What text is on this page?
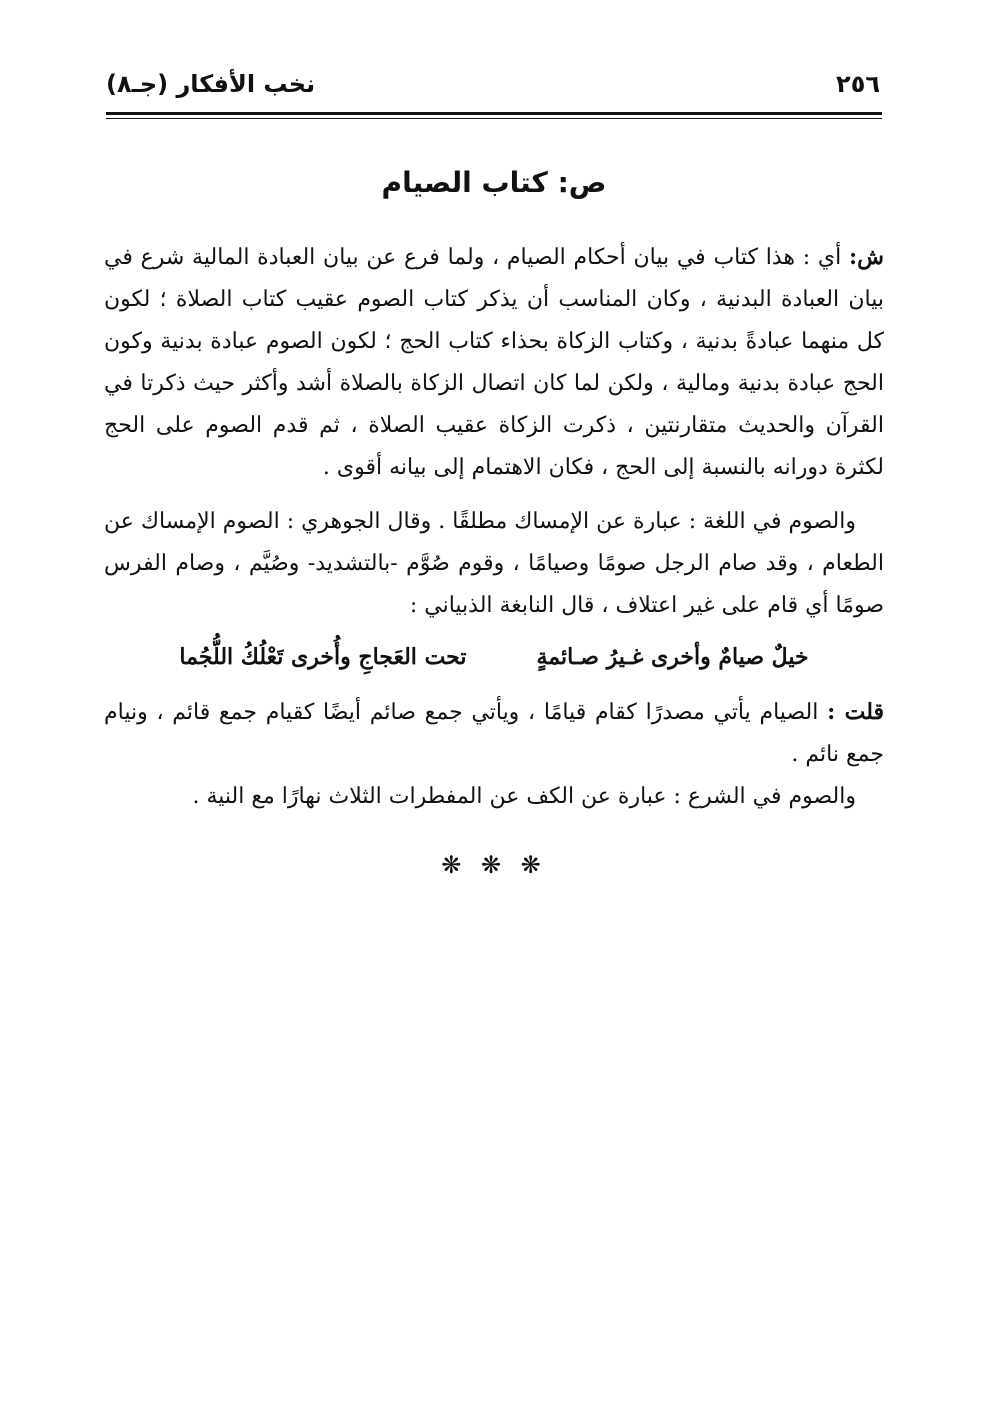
نخب الأفكار (جـ٨)	٢٥٦
ص: كتاب الصيام

ش: أي : هذا كتاب في بيان أحكام الصيام ، ولما فرع عن بيان العبادة المالية شرع في بيان العبادة البدنية ، وكان المناسب أن يذكر كتاب الصوم عقيب كتاب الصلاة ؛ لكون كل منهما عبادةً بدنية ، وكتاب الزكاة بحذاء كتاب الحج ؛ لكون الصوم عبادة بدنية وكون الحج عبادة بدنية ومالية ، ولكن لما كان اتصال الزكاة بالصلاة أشد وأكثر حيث ذكرتا في القرآن والحديث متقارنتين ، ذكرت الزكاة عقيب الصلاة ، ثم قدم الصوم على الحج لكثرة دورانه بالنسبة إلى الحج ، فكان الاهتمام إلى بيانه أقوى .

والصوم في اللغة : عبارة عن الإمساك مطلقًا . وقال الجوهري : الصوم الإمساك عن الطعام ، وقد صام الرجل صومًا وصيامًا ، وقوم صُوَّم -بالتشديد- وصُيَّم ، وصام الفرس صومًا أي قام على غير اعتلاف ، قال النابغة الذبياني :

خيلٌ صيامٌ وأخرى غـيرُ صـائمةٍ
تحت العَجاجِ وأُخرى تَعْلُكُ اللُّجُما

قلت : الصيام يأتي مصدرًا كقام قيامًا ، ويأتي جمع صائم أيضًا كقيام جمع قائم ، ونيام جمع نائم .

والصوم في الشرع : عبارة عن الكف عن المفطرات الثلاث نهارًا مع النية .

❋ ❋ ❋
